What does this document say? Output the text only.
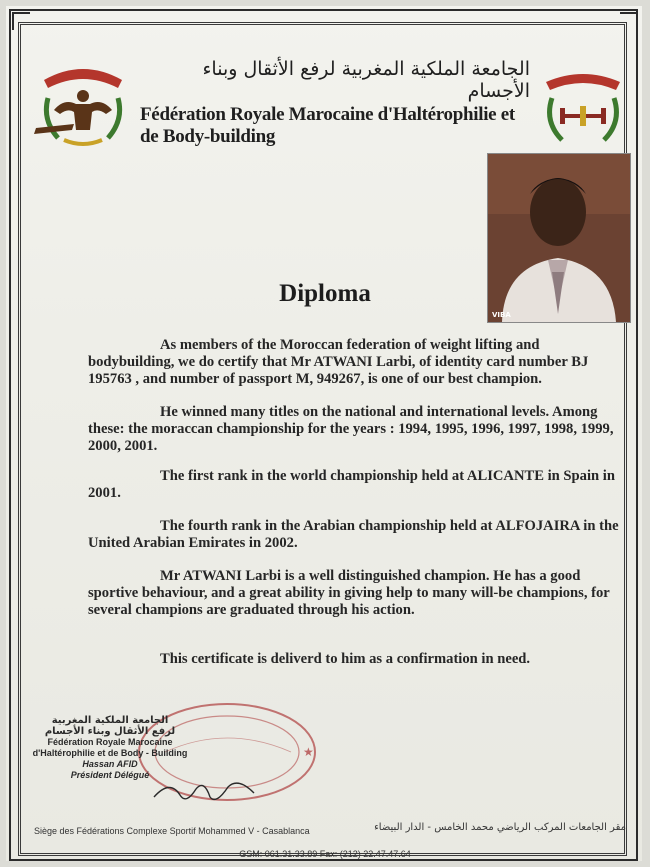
الجامعة الملكية المغربية لرفع الأثقال وبناء الأجسام
Fédération Royale Marocaine d'Haltérophilie et de Body-building
VIBA
Diploma

As members of the Moroccan federation of weight lifting and bodybuilding, we do certify that Mr ATWANI Larbi, of identity card number BJ 195763 , and number of passport M, 949267, is one of our best champion.

He winned many titles on the national and international levels. Among these: the moraccan championship for the years : 1994, 1995, 1996, 1997, 1998, 1999, 2000, 2001.

The first rank in the world championship held at ALICANTE in Spain in 2001.

The fourth rank in the Arabian championship held at ALFOJAIRA in the United Arabian Emirates in 2002.

Mr ATWANI Larbi is a well distinguished champion. He has a good sportive behaviour, and a great ability in giving help to many will-be champions, for several champions are graduated through his action.

This certificate is deliverd to him as a confirmation in need.

★
الجامعة الملكية المغربية
لرفع الأثقال وبناء الأجسام
Fédération Royale Marocaine
d'Haltérophilie et de Body - Building
Hassan AFID
Président Délégué
Siège des Fédérations Complexe Sportif Mohammed V - Casablanca	مقر الجامعات المركب الرياضي محمد الخامس - الدار البيضاء
GSM: 061.31.33.89 Fax: (212) 22.47.47.64
